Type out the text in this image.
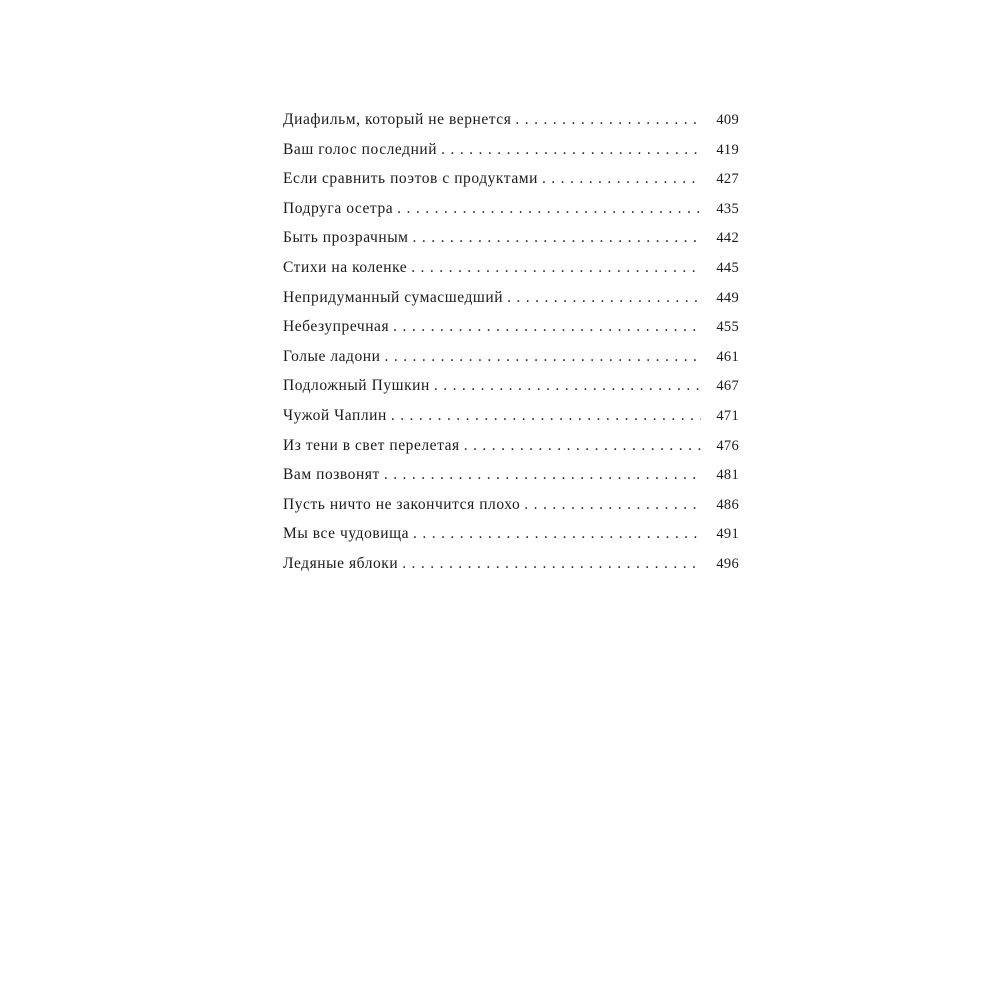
Диафильм, который не вернется . . .	409
Ваш голос последний . . .	419
Если сравнить поэтов с продуктами . . .	427
Подруга осетра . . .	435
Быть прозрачным . . .	442
Стихи на коленке . . .	445
Непридуманный сумасшедший . . .	449
Небезупречная . . .	455
Голые ладони . . .	461
Подложный Пушкин . . .	467
Чужой Чаплин . . .	471
Из тени в свет перелетая . . .	476
Вам позвонят . . .	481
Пусть ничто не закончится плохо . . .	486
Мы все чудовища . . .	491
Ледяные яблоки . . .	496
